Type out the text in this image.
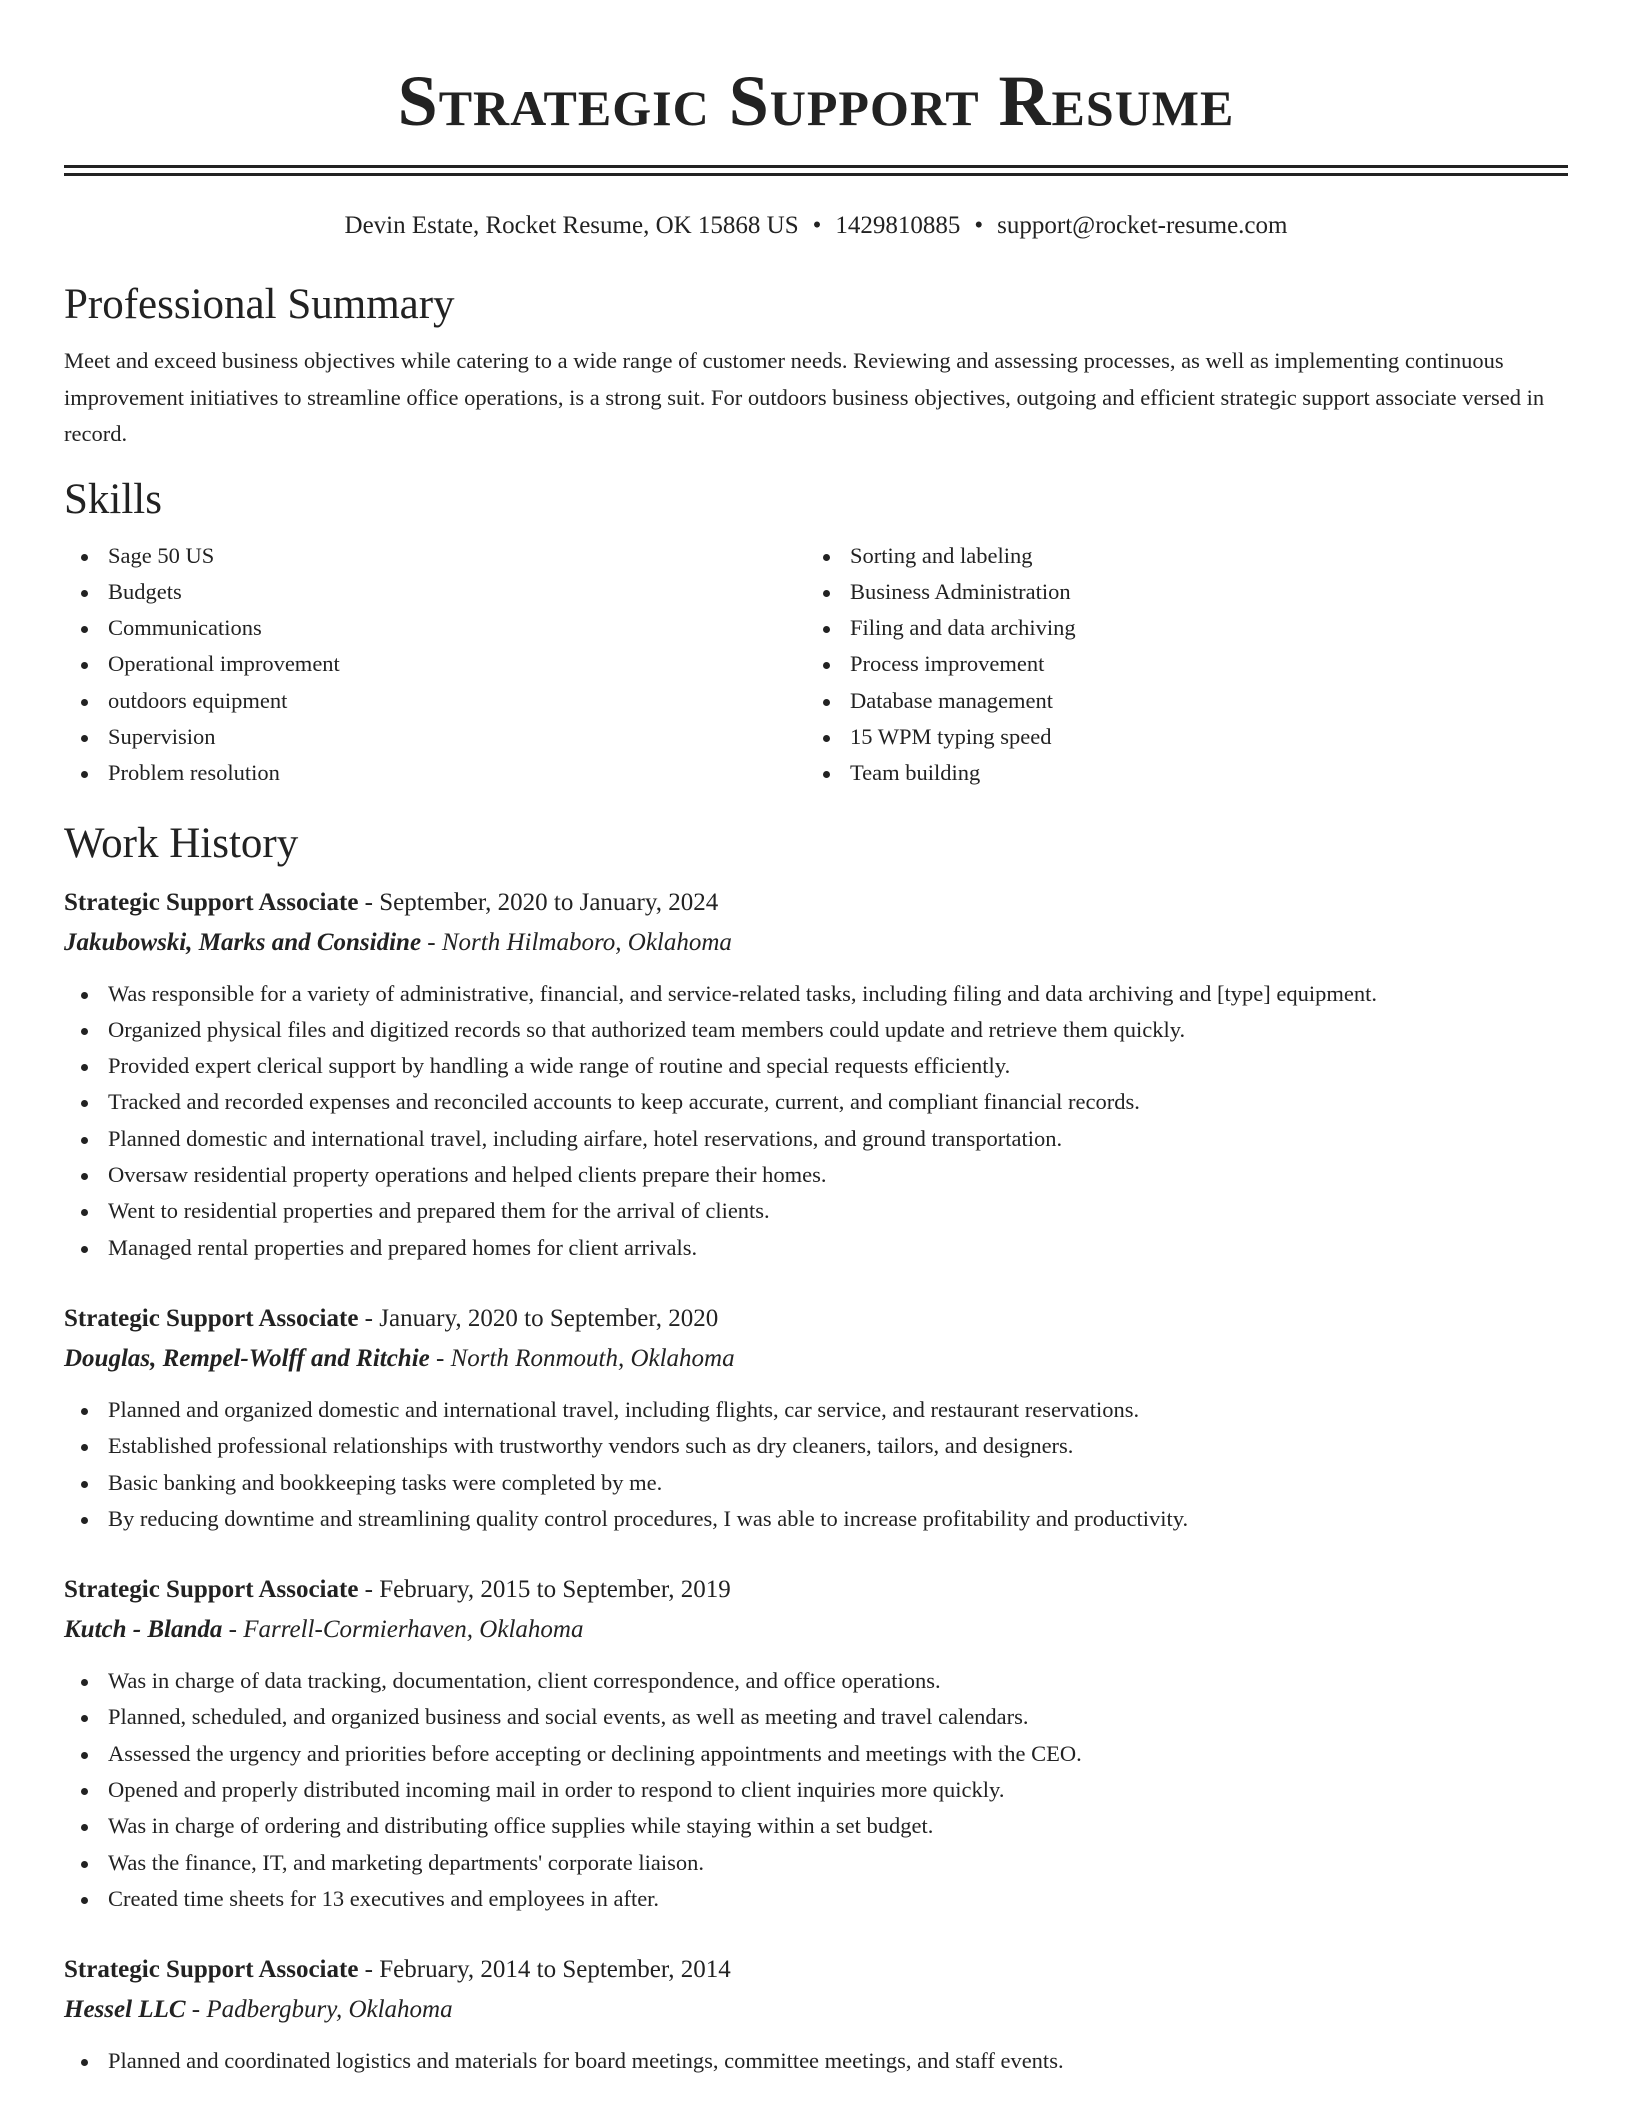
Strategic Support Resume
Devin Estate, Rocket Resume, OK 15868 US • 1429810885 • support@rocket-resume.com
Professional Summary

Meet and exceed business objectives while catering to a wide range of customer needs. Reviewing and assessing processes, as well as implementing continuous improvement initiatives to streamline office operations, is a strong suit. For outdoors business objectives, outgoing and efficient strategic support associate versed in record.

Skills
Sage 50 US
Budgets
Communications
Operational improvement
outdoors equipment
Supervision
Problem resolution
Sorting and labeling
Business Administration
Filing and data archiving
Process improvement
Database management
15 WPM typing speed
Team building
Work History
Strategic Support Associate - September, 2020 to January, 2024
Jakubowski, Marks and Considine - North Hilmaboro, Oklahoma
Was responsible for a variety of administrative, financial, and service-related tasks, including filing and data archiving and [type] equipment.
Organized physical files and digitized records so that authorized team members could update and retrieve them quickly.
Provided expert clerical support by handling a wide range of routine and special requests efficiently.
Tracked and recorded expenses and reconciled accounts to keep accurate, current, and compliant financial records.
Planned domestic and international travel, including airfare, hotel reservations, and ground transportation.
Oversaw residential property operations and helped clients prepare their homes.
Went to residential properties and prepared them for the arrival of clients.
Managed rental properties and prepared homes for client arrivals.
Strategic Support Associate - January, 2020 to September, 2020
Douglas, Rempel-Wolff and Ritchie - North Ronmouth, Oklahoma
Planned and organized domestic and international travel, including flights, car service, and restaurant reservations.
Established professional relationships with trustworthy vendors such as dry cleaners, tailors, and designers.
Basic banking and bookkeeping tasks were completed by me.
By reducing downtime and streamlining quality control procedures, I was able to increase profitability and productivity.
Strategic Support Associate - February, 2015 to September, 2019
Kutch - Blanda - Farrell-Cormierhaven, Oklahoma
Was in charge of data tracking, documentation, client correspondence, and office operations.
Planned, scheduled, and organized business and social events, as well as meeting and travel calendars.
Assessed the urgency and priorities before accepting or declining appointments and meetings with the CEO.
Opened and properly distributed incoming mail in order to respond to client inquiries more quickly.
Was in charge of ordering and distributing office supplies while staying within a set budget.
Was the finance, IT, and marketing departments' corporate liaison.
Created time sheets for 13 executives and employees in after.
Strategic Support Associate - February, 2014 to September, 2014
Hessel LLC - Padbergbury, Oklahoma
Planned and coordinated logistics and materials for board meetings, committee meetings, and staff events.
